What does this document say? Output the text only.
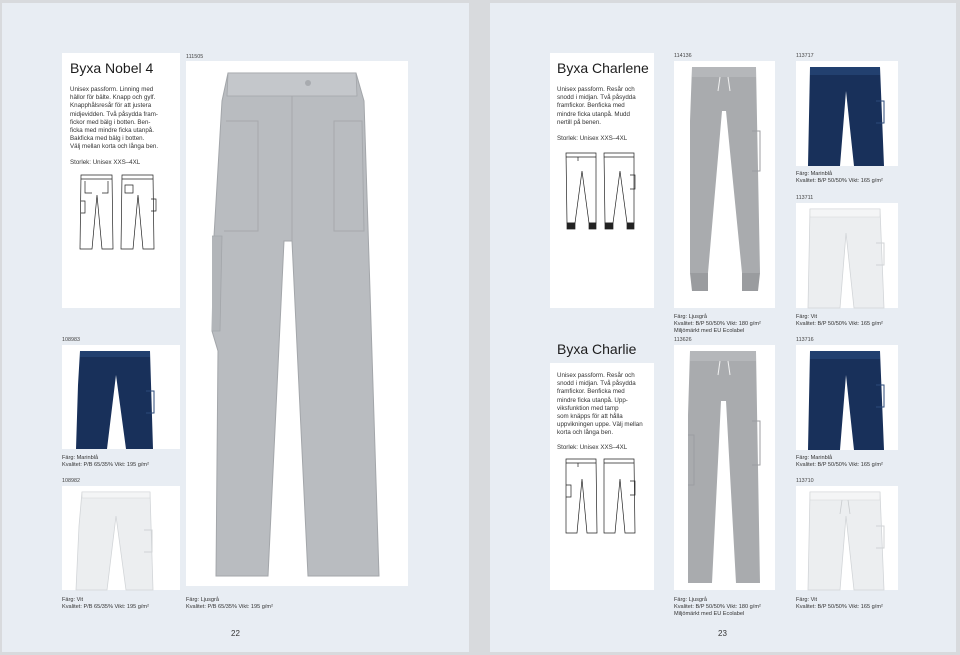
Byxa Nobel 4
Unisex passform. Linning med
hällor för bälte. Knapp och gylf.
Knapphålsresår för att justera
midjevidden. Två påsydda fram-
fickor med bälg i botten. Ben-
ficka med mindre ficka utanpå.
Bakficka med bälg i botten.
Välj mellan korta och långa ben.
Storlek: Unisex XXS–4XL
111505
108983
Färg: Marinblå
Kvalitet: P/B 65/35% Vikt: 195 g/m²
108982
Färg: Vit
Kvalitet: P/B 65/35% Vikt: 195 g/m²
Färg: Ljusgrå
Kvalitet: P/B 65/35% Vikt: 195 g/m²
22
Byxa Charlene
Unisex passform. Resår och
snodd i midjan. Två påsydda
framfickor. Benficka med
mindre ficka utanpå. Mudd
nertill på benen.
Storlek: Unisex XXS–4XL
114136
Färg: Ljusgrå
Kvalitet: B/P 50/50% Vikt: 180 g/m²
Miljömärkt med EU Ecolabel
Byxa Charlie
Unisex passform. Resår och
snodd i midjan. Två påsydda
framfickor. Benficka med
mindre ficka utanpå. Upp-
viksfunktion med tamp
som knäpps för att hålla
uppvikningen uppe. Välj mellan
korta och långa ben.
Storlek: Unisex XXS–4XL
113626
Färg: Ljusgrå
Kvalitet: B/P 50/50% Vikt: 180 g/m²
Miljömärkt med EU Ecolabel
113717
Färg: Marinblå
Kvalitet: B/P 50/50% Vikt: 165 g/m²
113711
Färg: Vit
Kvalitet: B/P 50/50% Vikt: 165 g/m²
113716
Färg: Marinblå
Kvalitet: B/P 50/50% Vikt: 165 g/m²
113710
Färg: Vit
Kvalitet: B/P 50/50% Vikt: 165 g/m²
23
